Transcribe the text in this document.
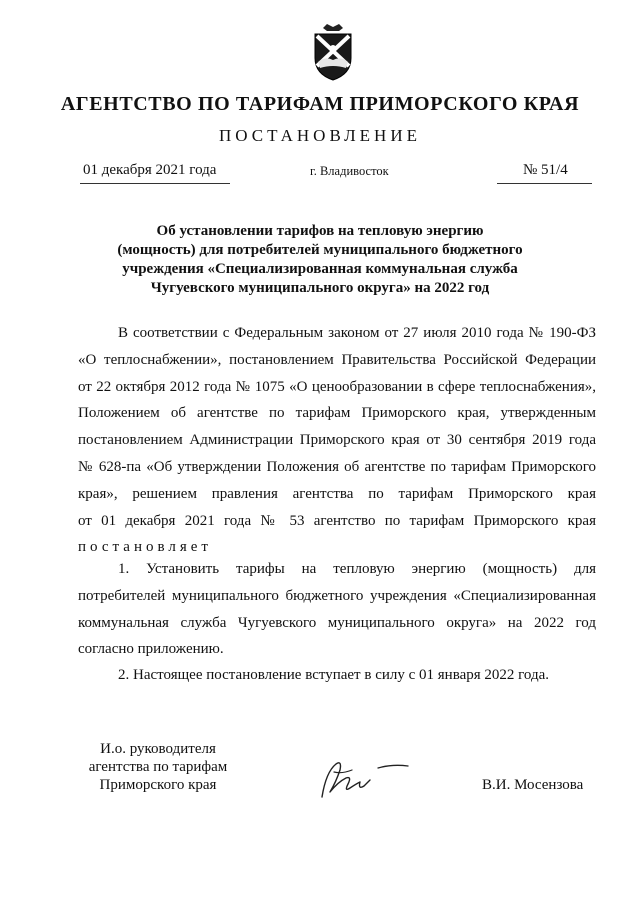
АГЕНТСТВО ПО ТАРИФАМ ПРИМОРСКОГО КРАЯ
ПОСТАНОВЛЕНИЕ
01 декабря 2021 года	г. Владивосток	№ 51/4
Об установлении тарифов на тепловую энергию
(мощность) для потребителей муниципального бюджетного
учреждения «Специализированная коммунальная служба
Чугуевского муниципального округа» на 2022 год
В соответствии с Федеральным законом от 27 июля 2010 года № 190-ФЗ
«О теплоснабжении», постановлением Правительства Российской Федерации
от 22 октября 2012 года № 1075 «О ценообразовании в сфере теплоснабжения»,
Положением об агентстве по тарифам Приморского края, утвержденным
постановлением Администрации Приморского края от 30 сентября 2019 года
№ 628-па «Об утверждении Положения об агентстве по тарифам Приморского
края», решением правления агентства по тарифам Приморского края
от 01 декабря 2021 года № 53 агентство по тарифам Приморского края
постановляет
1. Установить тарифы на тепловую энергию (мощность) для
потребителей муниципального бюджетного учреждения «Специализированная
коммунальная служба Чугуевского муниципального округа» на 2022 год
согласно приложению.
2. Настоящее постановление вступает в силу с 01 января 2022 года.
И.о. руководителя
агентства по тарифам
Приморского края	В.И. Мосензова
